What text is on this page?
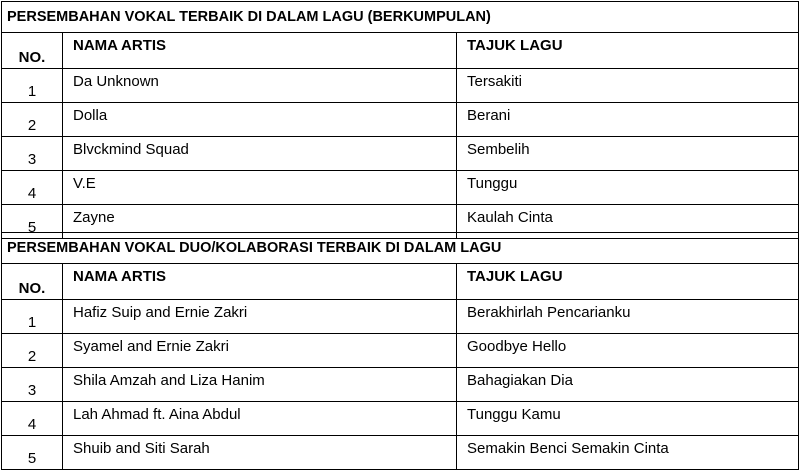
PERSEMBAHAN VOKAL TERBAIK DI DALAM LAGU (BERKUMPULAN)		
NO.	NAMA ARTIS	TAJUK LAGU
1	Da Unknown	Tersakiti
2	Dolla	Berani
3	Blvckmind Squad	Sembelih
4	V.E	Tunggu
5	Zayne	Kaulah Cinta
PERSEMBAHAN VOKAL DUO/KOLABORASI TERBAIK DI DALAM LAGU		
NO.	NAMA ARTIS	TAJUK LAGU
1	Hafiz Suip and Ernie Zakri	Berakhirlah Pencarianku
2	Syamel and Ernie Zakri	Goodbye Hello
3	Shila Amzah and Liza Hanim	Bahagiakan Dia
4	Lah Ahmad ft. Aina Abdul	Tunggu Kamu
5	Shuib and Siti Sarah	Semakin Benci Semakin Cinta
